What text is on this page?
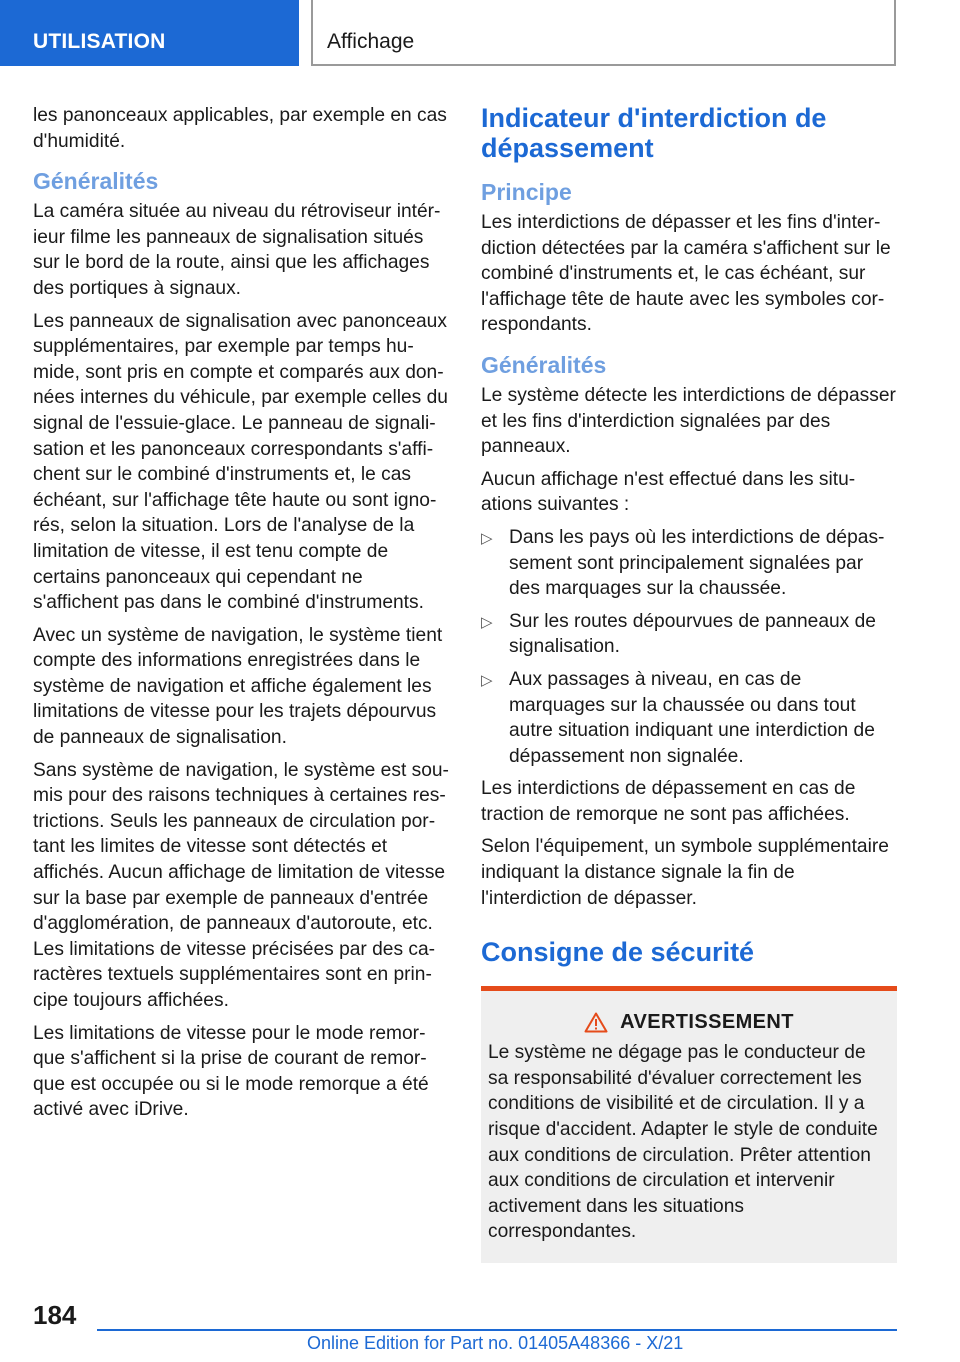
UTILISATION	Affichage

les panonceaux applicables, par exemple en cas d'humidité.

Généralités

La caméra située au niveau du rétroviseur intérieur filme les panneaux de signalisation situés sur le bord de la route, ainsi que les affichages des portiques à signaux.

Les panneaux de signalisation avec panonceaux supplémentaires, par exemple par temps humide, sont pris en compte et comparés aux données internes du véhicule, par exemple celles du signal de l'essuie-glace. Le panneau de signalisation et les panonceaux correspondants s'affichent sur le combiné d'instruments et, le cas échéant, sur l'affichage tête haute ou sont ignorés, selon la situation. Lors de l'analyse de la limitation de vitesse, il est tenu compte de certains panonceaux qui cependant ne s'affichent pas dans le combiné d'instruments.

Avec un système de navigation, le système tient compte des informations enregistrées dans le système de navigation et affiche également les limitations de vitesse pour les trajets dépourvus de panneaux de signalisation.

Sans système de navigation, le système est soumis pour des raisons techniques à certaines restrictions. Seuls les panneaux de circulation portant les limites de vitesse sont détectés et affichés. Aucun affichage de limitation de vitesse sur la base par exemple de panneaux d'entrée d'agglomération, de panneaux d'autoroute, etc. Les limitations de vitesse précisées par des caractères textuels supplémentaires sont en principe toujours affichées.

Les limitations de vitesse pour le mode remorque s'affichent si la prise de courant de remorque est occupée ou si le mode remorque a été activé avec iDrive.

Indicateur d'interdiction de dépassement
Principe

Les interdictions de dépasser et les fins d'interdiction détectées par la caméra s'affichent sur le combiné d'instruments et, le cas échéant, sur l'affichage tête de haute avec les symboles correspondants.

Généralités

Le système détecte les interdictions de dépasser et les fins d'interdiction signalées par des panneaux.

Aucun affichage n'est effectué dans les situations suivantes :

▷ Dans les pays où les interdictions de dépassement sont principalement signalées par des marquages sur la chaussée.
▷ Sur les routes dépourvues de panneaux de signalisation.
▷ Aux passages à niveau, en cas de marquages sur la chaussée ou dans tout autre situation indiquant une interdiction de dépassement non signalée.

Les interdictions de dépassement en cas de traction de remorque ne sont pas affichées.

Selon l'équipement, un symbole supplémentaire indiquant la distance signale la fin de l'interdiction de dépasser.

Consigne de sécurité
AVERTISSEMENT

Le système ne dégage pas le conducteur de sa responsabilité d'évaluer correctement les conditions de visibilité et de circulation. Il y a risque d'accident. Adapter le style de conduite aux conditions de circulation. Prêter attention aux conditions de circulation et intervenir activement dans les situations correspondantes.

184
Online Edition for Part no. 01405A48366 - X/21
